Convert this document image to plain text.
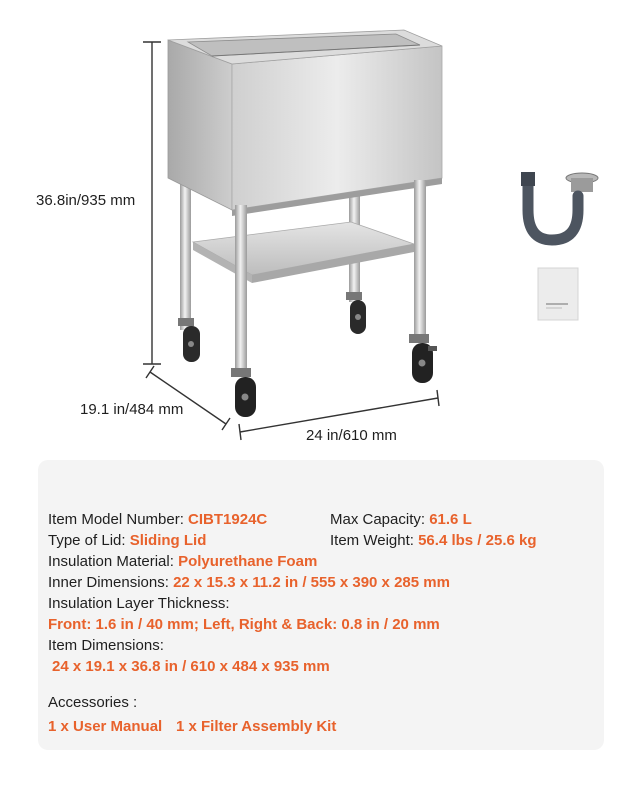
36.8in/935 mm
19.1 in/484 mm
24 in/610 mm
Item Model Number: CIBT1924C	Max Capacity: 61.6 L
Type of Lid: Sliding Lid	Item Weight: 56.4 lbs / 25.6 kg
Insulation Material: Polyurethane Foam
Inner Dimensions: 22 x 15.3 x 11.2 in / 555 x 390 x 285 mm
Insulation Layer Thickness:
Front: 1.6 in / 40 mm; Left, Right & Back: 0.8 in / 20 mm
Item Dimensions:
24 x 19.1 x 36.8 in / 610 x 484 x 935 mm
Accessories :
1 x User Manual 1 x Filter Assembly Kit
